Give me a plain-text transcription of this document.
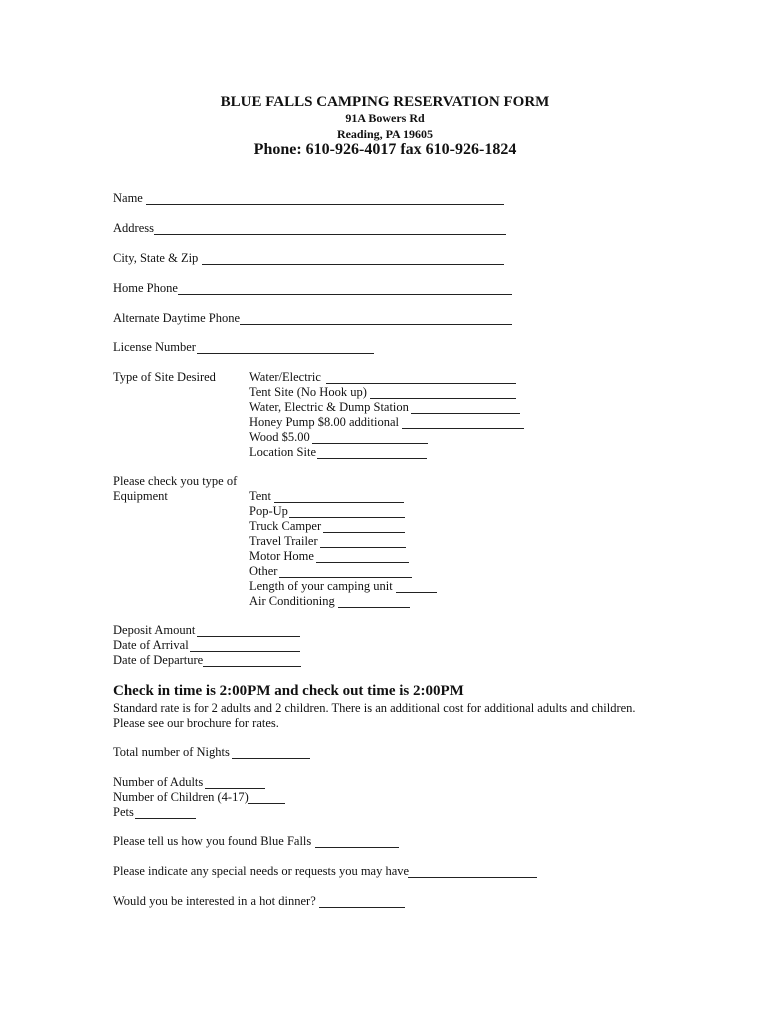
BLUE FALLS CAMPING RESERVATION FORM
91A Bowers Rd
Reading, PA 19605
Phone: 610-926-4017 fax 610-926-1824
Name
Address
City, State & Zip
Home Phone
Alternate Daytime Phone
License Number
Type of Site Desired	Water/Electric
Tent Site (No Hook up)
Water, Electric & Dump Station
Honey Pump $8.00 additional
Wood $5.00
Location Site
Please check you type of
Equipment	Tent
Pop-Up
Truck Camper
Travel Trailer
Motor Home
Other
Length of your camping unit
Air Conditioning
Deposit Amount
Date of Arrival
Date of Departure
Check in time is 2:00PM and check out time is 2:00PM
Standard rate is for 2 adults and 2 children. There is an additional cost for additional adults and children.
Please see our brochure for rates.
Total number of Nights
Number of Adults
Number of Children (4-17)
Pets
Please tell us how you found Blue Falls
Please indicate any special needs or requests you may have
Would you be interested in a hot dinner?
